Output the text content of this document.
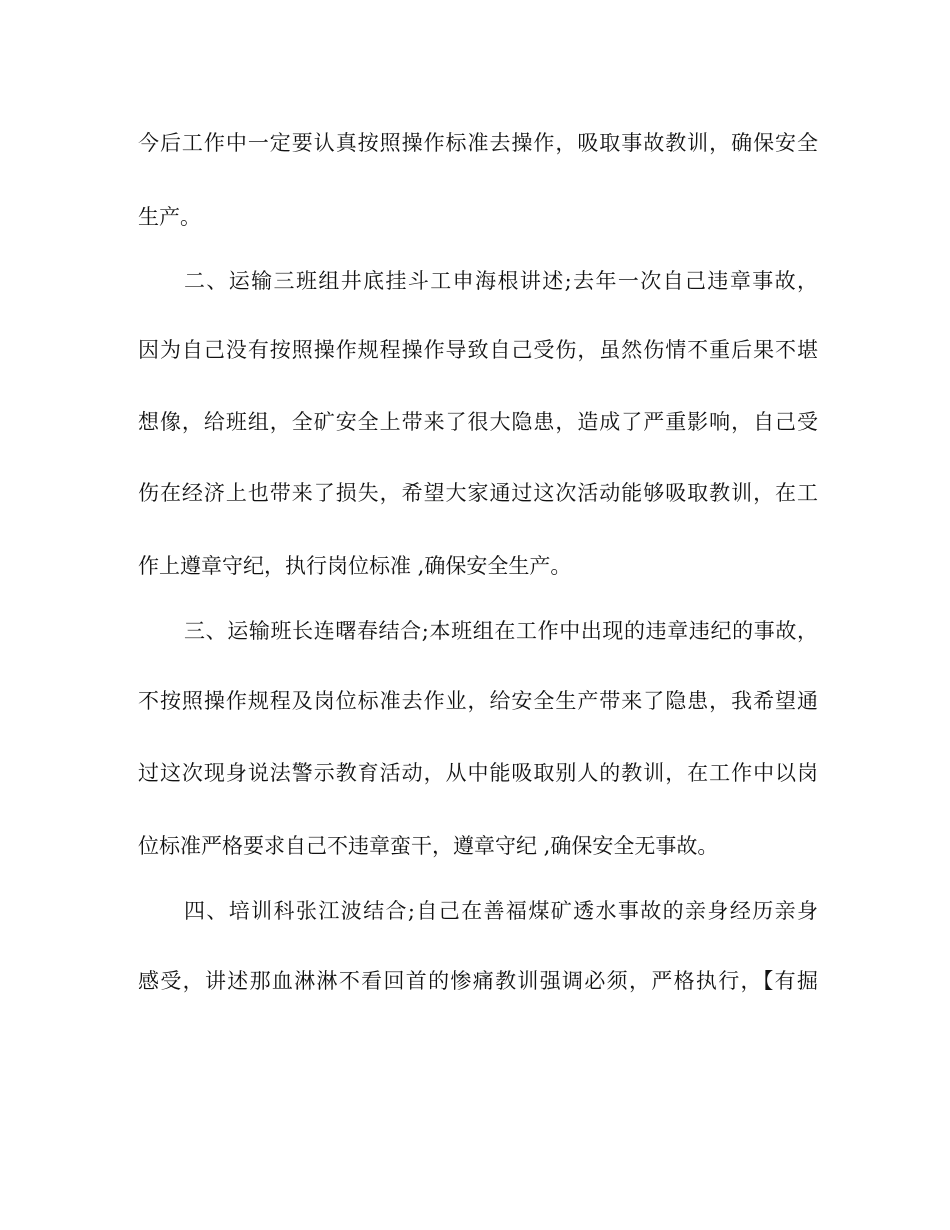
今后工作中一定要认真按照操作标准去操作，吸取事故教训，确保安全
生产。
二、运输三班组井底挂斗工申海根讲述;去年一次自己违章事故，
因为自己没有按照操作规程操作导致自己受伤，虽然伤情不重后果不堪
想像，给班组，全矿安全上带来了很大隐患，造成了严重影响，自己受
伤在经济上也带来了损失，希望大家通过这次活动能够吸取教训，在工
作上遵章守纪，执行岗位标准 ,确保安全生产。
三、运输班长连曙春结合;本班组在工作中出现的违章违纪的事故，
不按照操作规程及岗位标准去作业，给安全生产带来了隐患，我希望通
过这次现身说法警示教育活动，从中能吸取别人的教训，在工作中以岗
位标准严格要求自己不违章蛮干，遵章守纪 ,确保安全无事故。
四、培训科张江波结合;自己在善福煤矿透水事故的亲身经历亲身
感受，讲述那血淋淋不看回首的惨痛教训强调必须，严格执行，【有掘
